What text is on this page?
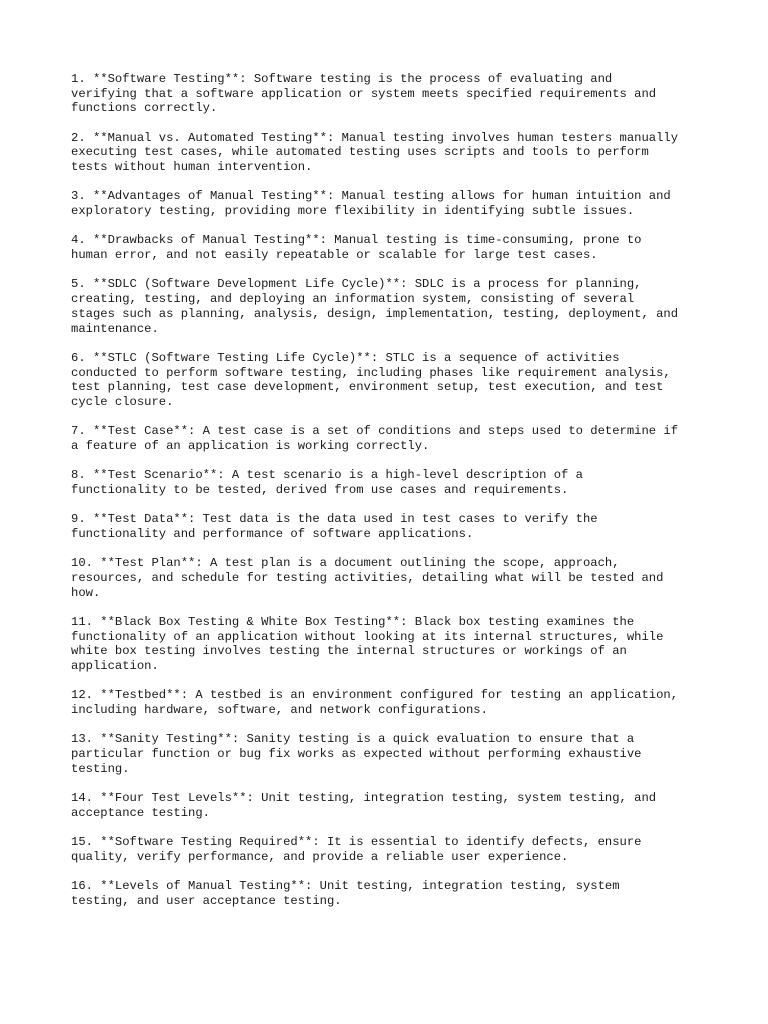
1. **Software Testing**: Software testing is the process of evaluating and
verifying that a software application or system meets specified requirements and
functions correctly.
2. **Manual vs. Automated Testing**: Manual testing involves human testers manually
executing test cases, while automated testing uses scripts and tools to perform
tests without human intervention.
3. **Advantages of Manual Testing**: Manual testing allows for human intuition and
exploratory testing, providing more flexibility in identifying subtle issues.
4. **Drawbacks of Manual Testing**: Manual testing is time-consuming, prone to
human error, and not easily repeatable or scalable for large test cases.
5. **SDLC (Software Development Life Cycle)**: SDLC is a process for planning,
creating, testing, and deploying an information system, consisting of several
stages such as planning, analysis, design, implementation, testing, deployment, and
maintenance.
6. **STLC (Software Testing Life Cycle)**: STLC is a sequence of activities
conducted to perform software testing, including phases like requirement analysis,
test planning, test case development, environment setup, test execution, and test
cycle closure.
7. **Test Case**: A test case is a set of conditions and steps used to determine if
a feature of an application is working correctly.
8. **Test Scenario**: A test scenario is a high-level description of a
functionality to be tested, derived from use cases and requirements.
9. **Test Data**: Test data is the data used in test cases to verify the
functionality and performance of software applications.
10. **Test Plan**: A test plan is a document outlining the scope, approach,
resources, and schedule for testing activities, detailing what will be tested and
how.
11. **Black Box Testing & White Box Testing**: Black box testing examines the
functionality of an application without looking at its internal structures, while
white box testing involves testing the internal structures or workings of an
application.
12. **Testbed**: A testbed is an environment configured for testing an application,
including hardware, software, and network configurations.
13. **Sanity Testing**: Sanity testing is a quick evaluation to ensure that a
particular function or bug fix works as expected without performing exhaustive
testing.
14. **Four Test Levels**: Unit testing, integration testing, system testing, and
acceptance testing.
15. **Software Testing Required**: It is essential to identify defects, ensure
quality, verify performance, and provide a reliable user experience.
16. **Levels of Manual Testing**: Unit testing, integration testing, system
testing, and user acceptance testing.
